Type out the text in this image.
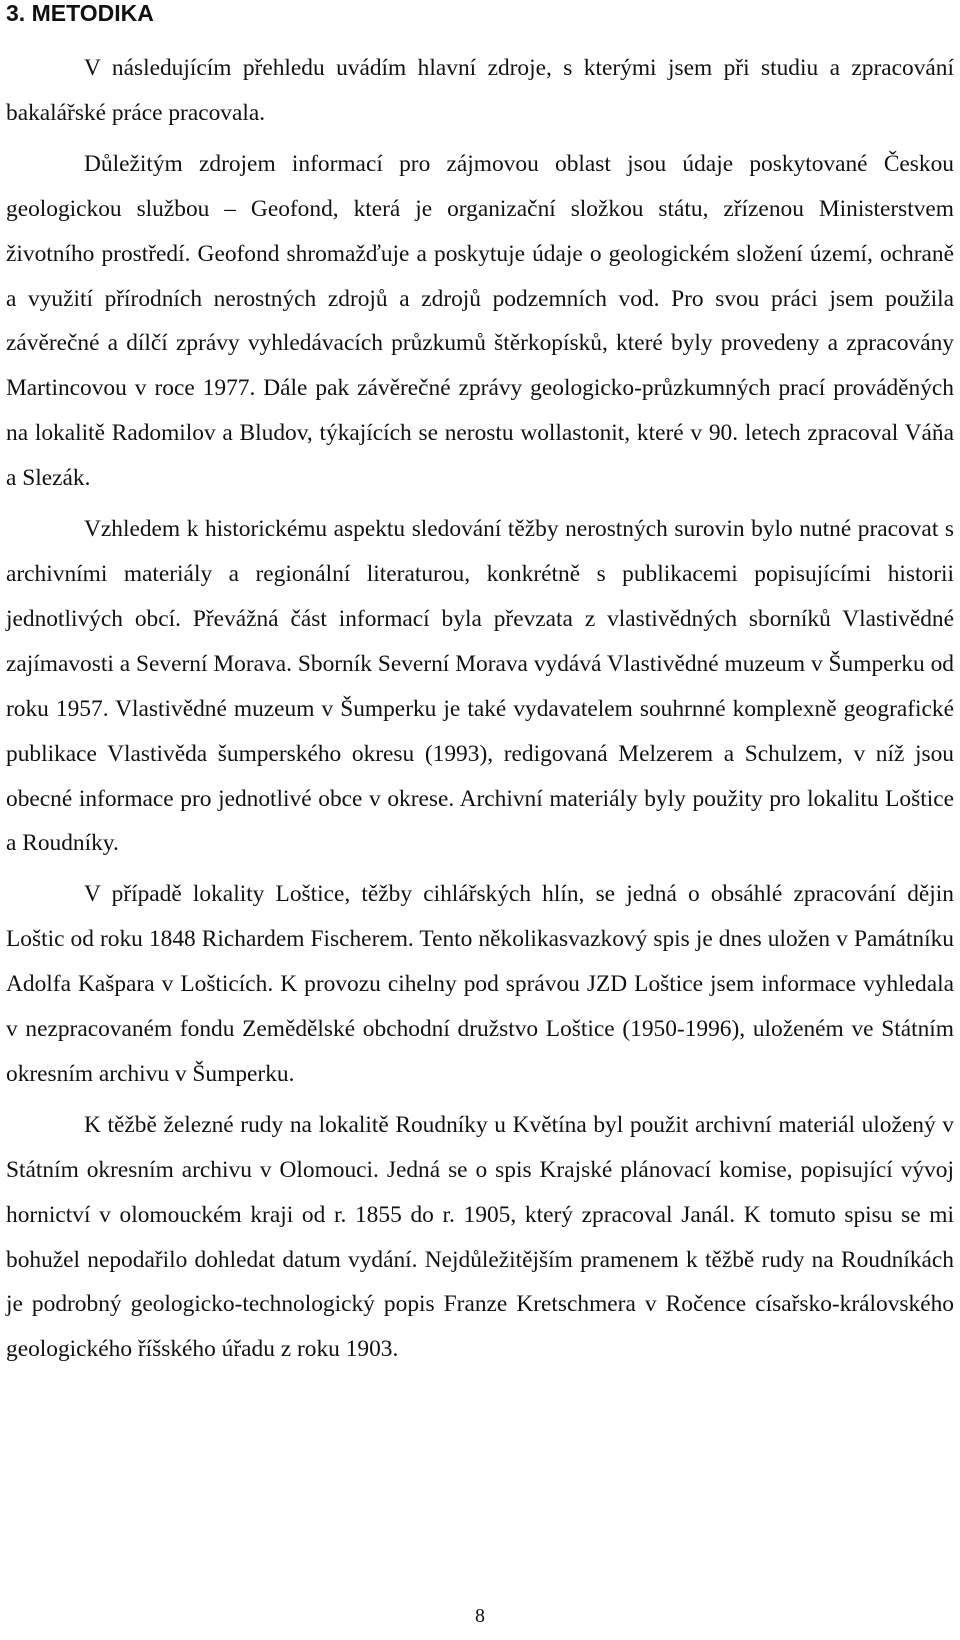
3. METODIKA

V následujícím přehledu uvádím hlavní zdroje, s kterými jsem při studiu a zpracování bakalářské práce pracovala.

Důležitým zdrojem informací pro zájmovou oblast jsou údaje poskytované Českou geologickou službou – Geofond, která je organizační složkou státu, zřízenou Ministerstvem životního prostředí. Geofond shromažďuje a poskytuje údaje o geologickém složení území, ochraně a využití přírodních nerostných zdrojů a zdrojů podzemních vod. Pro svou práci jsem použila závěrečné a dílčí zprávy vyhledávacích průzkumů štěrkopísků, které byly provedeny a zpracovány Martincovou v roce 1977. Dále pak závěrečné zprávy geologicko-průzkumných prací prováděných na lokalitě Radomilov a Bludov, týkajících se nerostu wollastonit, které v 90. letech zpracoval Váňa a Slezák.

Vzhledem k historickému aspektu sledování těžby nerostných surovin bylo nutné pracovat s archivními materiály a regionální literaturou, konkrétně s publikacemi popisujícími historii jednotlivých obcí. Převážná část informací byla převzata z vlastivědných sborníků Vlastivědné zajímavosti a Severní Morava. Sborník Severní Morava vydává Vlastivědné muzeum v Šumperku od roku 1957. Vlastivědné muzeum v Šumperku je také vydavatelem souhrnné komplexně geografické publikace Vlastivěda šumperského okresu (1993), redigovaná Melzerem a Schulzem, v níž jsou obecné informace pro jednotlivé obce v okrese. Archivní materiály byly použity pro lokalitu Loštice a Roudníky.

V případě lokality Loštice, těžby cihlářských hlín, se jedná o obsáhlé zpracování dějin Loštic od roku 1848 Richardem Fischerem. Tento několikasvazkový spis je dnes uložen v Památníku Adolfa Kašpara v Lošticích. K provozu cihelny pod správou JZD Loštice jsem informace vyhledala v nezpracovaném fondu Zemědělské obchodní družstvo Loštice (1950-1996), uloženém ve Státním okresním archivu v Šumperku.

K těžbě železné rudy na lokalitě Roudníky u Květína byl použit archivní materiál uložený v Státním okresním archivu v Olomouci. Jedná se o spis Krajské plánovací komise, popisující vývoj hornictví v olomouckém kraji od r. 1855 do r. 1905, který zpracoval Janál. K tomuto spisu se mi bohužel nepodařilo dohledat datum vydání. Nejdůležitějším pramenem k těžbě rudy na Roudníkách je podrobný geologicko-technologický popis Franze Kretschmera v Ročence císařsko-královského geologického říšského úřadu z roku 1903.

8
